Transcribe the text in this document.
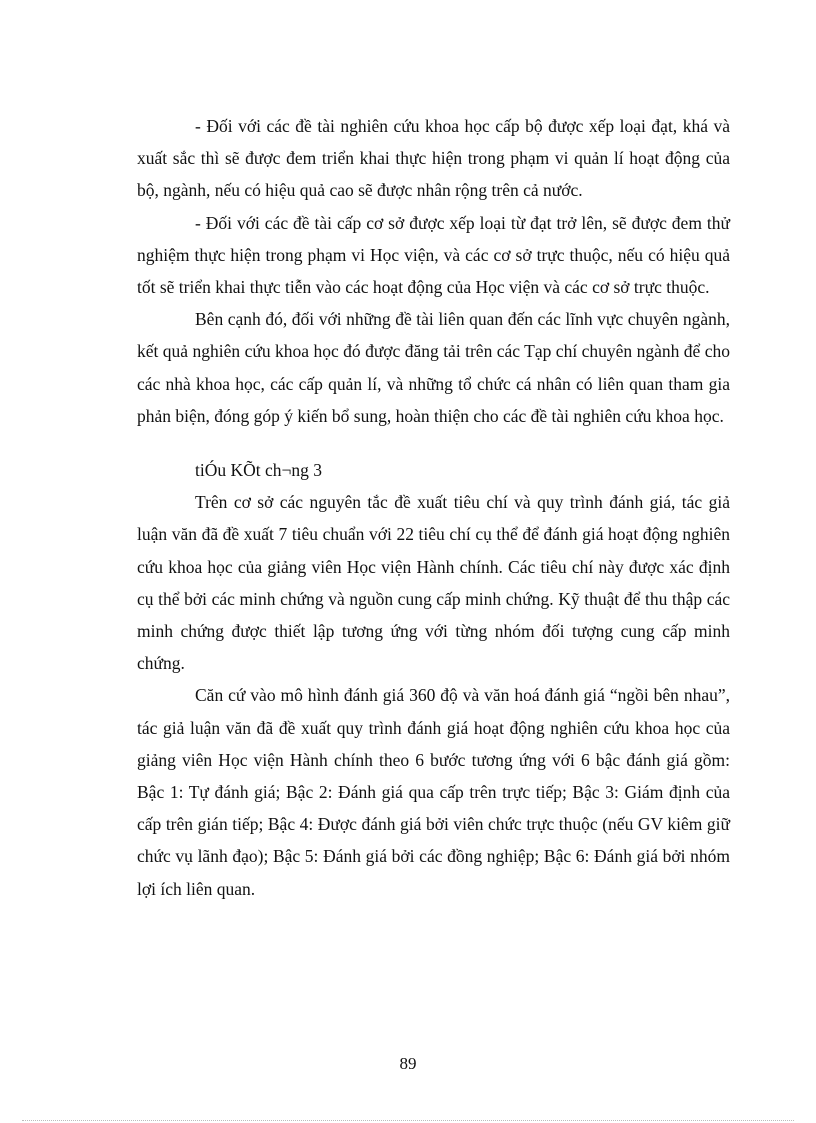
- Đối với các đề tài nghiên cứu khoa học cấp bộ được xếp loại đạt, khá và xuất sắc thì sẽ được đem triển khai thực hiện trong phạm vi quản lí hoạt động của bộ, ngành, nếu có hiệu quả cao sẽ được nhân rộng trên cả nước.

- Đối với các đề tài cấp cơ sở được xếp loại từ đạt trở lên, sẽ được đem thử nghiệm thực hiện trong phạm vi Học viện, và các cơ sở trực thuộc, nếu có hiệu quả tốt sẽ triển khai thực tiễn vào các hoạt động của Học viện và các cơ sở trực thuộc.

Bên cạnh đó, đối với những đề tài liên quan đến các lĩnh vực chuyên ngành, kết quả nghiên cứu khoa học đó được đăng tải trên các Tạp chí chuyên ngành để cho các nhà khoa học, các cấp quản lí, và những tổ chức cá nhân có liên quan tham gia phản biện, đóng góp ý kiến bổ sung, hoàn thiện cho các đề tài nghiên cứu khoa học.

tiÓu KÕt ch¬ng 3

Trên cơ sở các nguyên tắc đề xuất tiêu chí và quy trình đánh giá, tác giả luận văn đã đề xuất 7 tiêu chuẩn với 22 tiêu chí cụ thể để đánh giá hoạt động nghiên cứu khoa học của giảng viên Học viện Hành chính. Các tiêu chí này được xác định cụ thể bởi các minh chứng và nguồn cung cấp minh chứng. Kỹ thuật để thu thập các minh chứng được thiết lập tương ứng với từng nhóm đối tượng cung cấp minh chứng.

Căn cứ vào mô hình đánh giá 360 độ và văn hoá đánh giá “ngồi bên nhau”, tác giả luận văn đã đề xuất quy trình đánh giá hoạt động nghiên cứu khoa học của giảng viên Học viện Hành chính theo 6 bước tương ứng với 6 bậc đánh giá gồm: Bậc 1: Tự đánh giá; Bậc 2: Đánh giá qua cấp trên trực tiếp; Bậc 3: Giám định của cấp trên gián tiếp; Bậc 4: Được đánh giá bởi viên chức trực thuộc (nếu GV kiêm giữ chức vụ lãnh đạo); Bậc 5: Đánh giá bởi các đồng nghiệp; Bậc 6: Đánh giá bởi nhóm lợi ích liên quan.

89
